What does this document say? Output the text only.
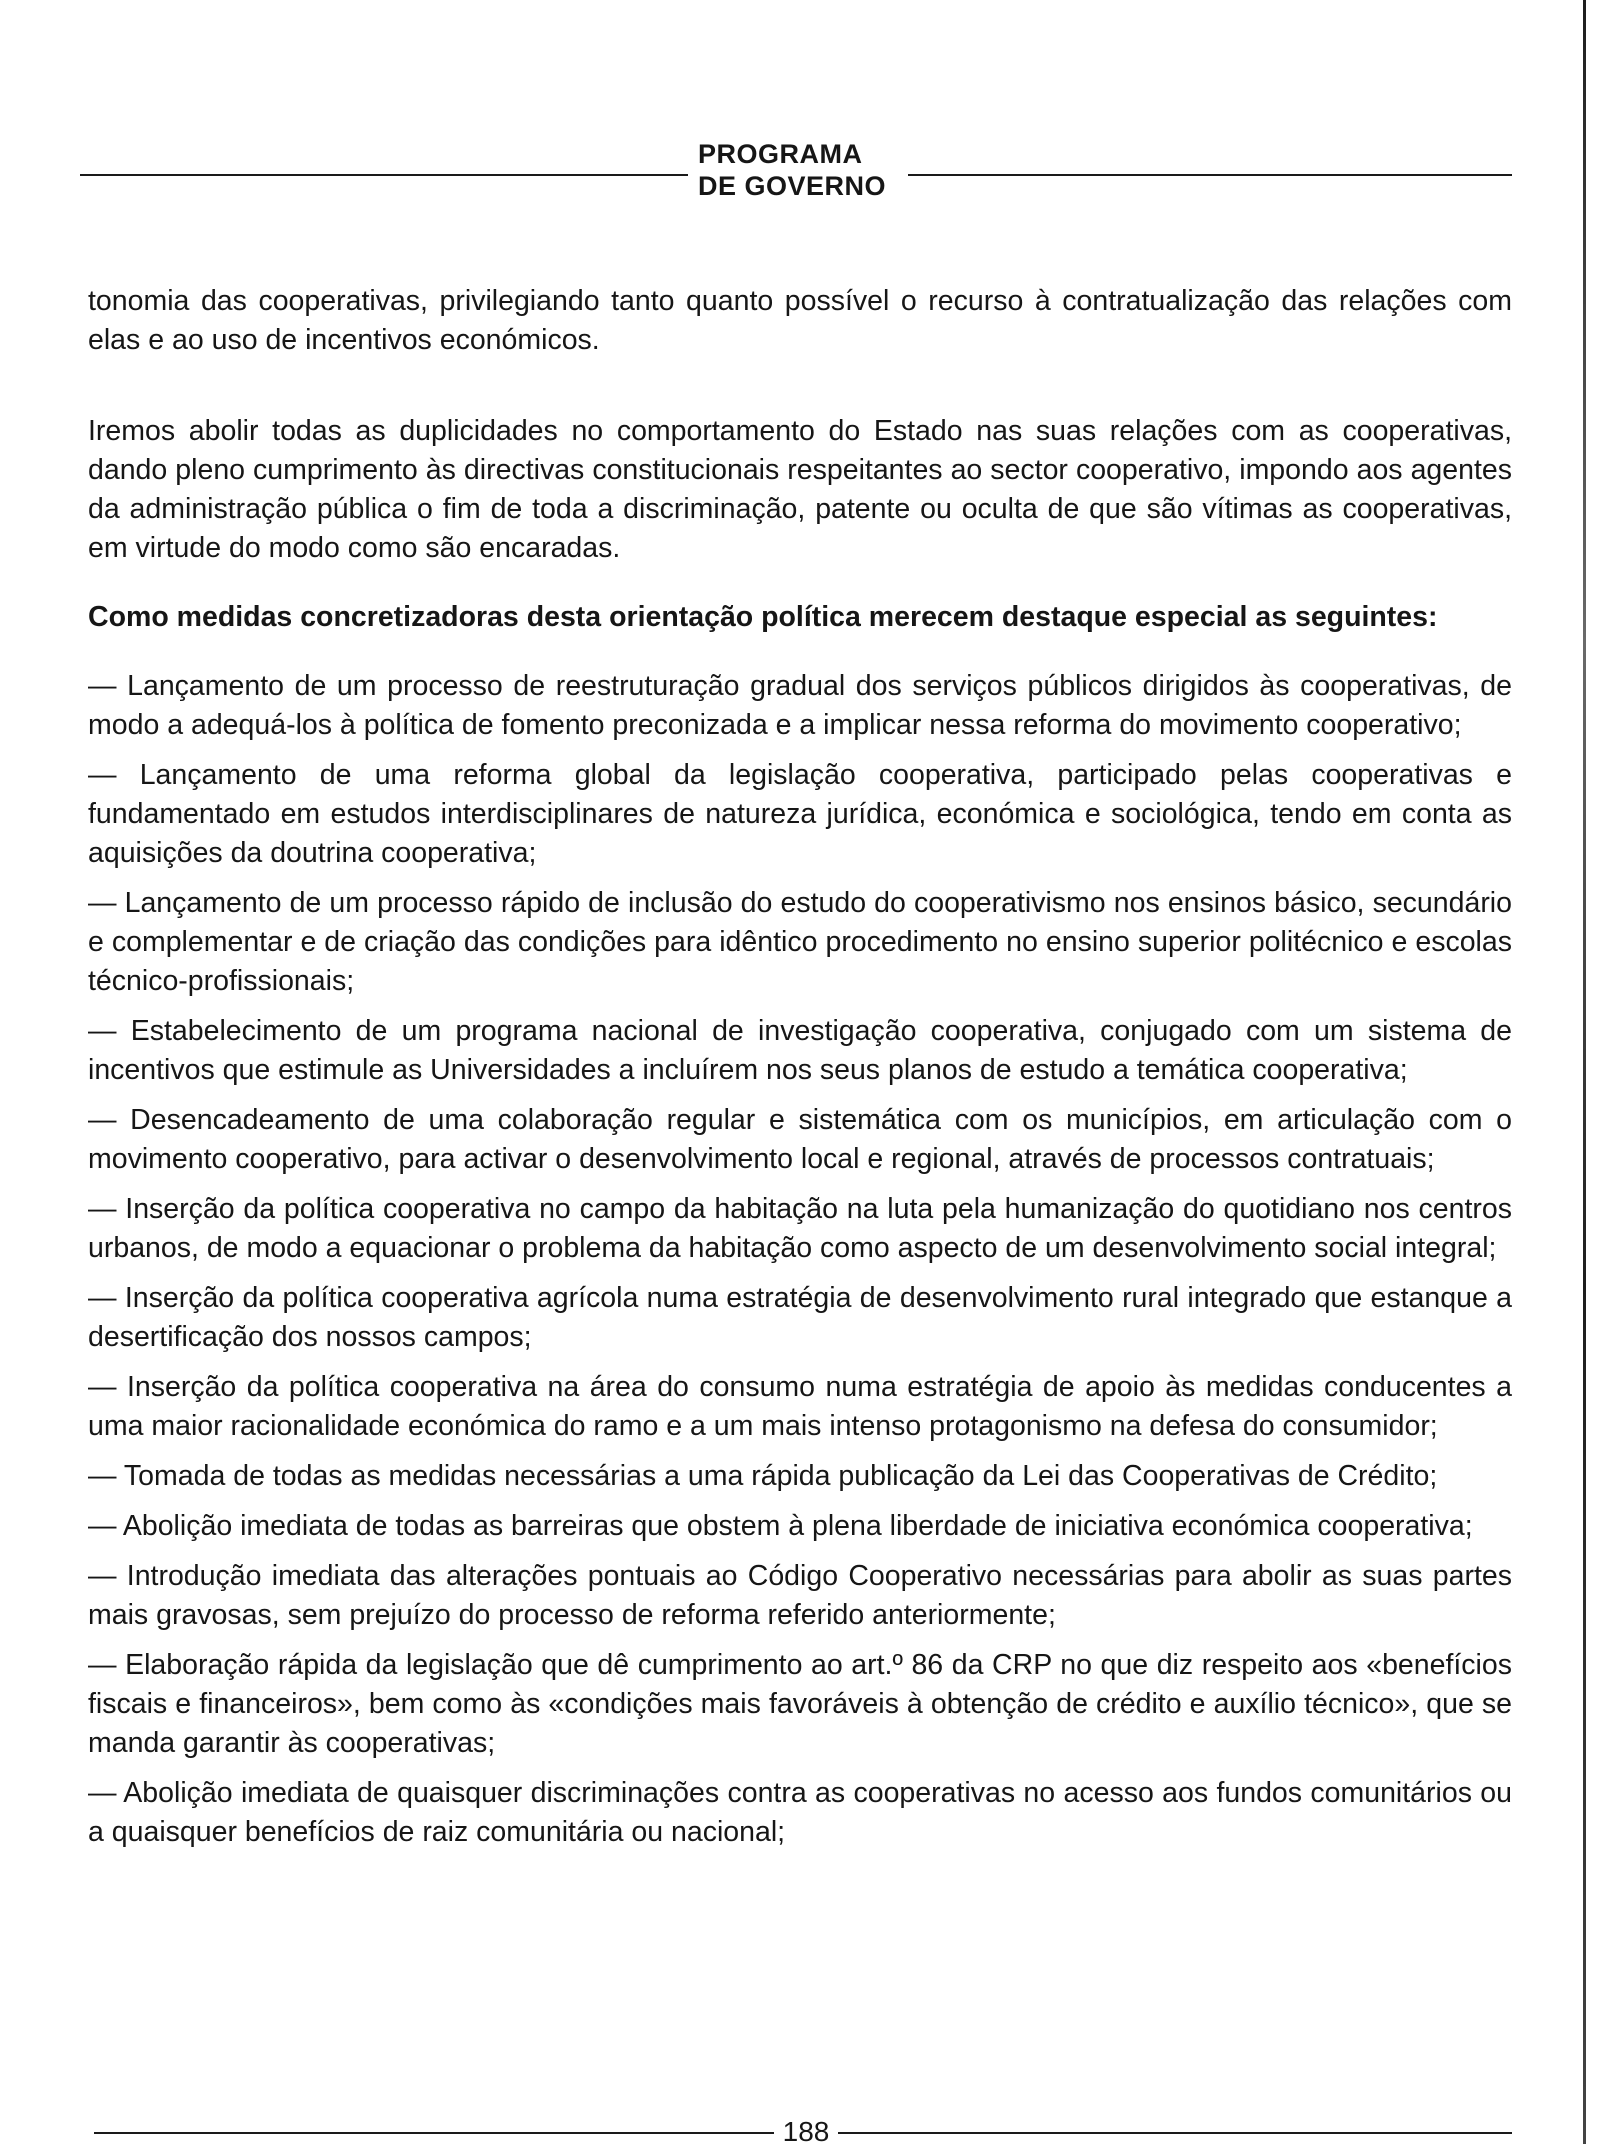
PROGRAMA
DE GOVERNO

tonomia das cooperativas, privilegiando tanto quanto possível o recurso à contratualização das relações com elas e ao uso de incentivos económicos.

Iremos abolir todas as duplicidades no comportamento do Estado nas suas relações com as cooperativas, dando pleno cumprimento às directivas constitucionais respeitantes ao sector cooperativo, impondo aos agentes da administração pública o fim de toda a discriminação, patente ou oculta de que são vítimas as cooperativas, em virtude do modo como são encaradas.

Como medidas concretizadoras desta orientação política merecem destaque especial as seguintes:

— Lançamento de um processo de reestruturação gradual dos serviços públicos dirigidos às cooperativas, de modo a adequá-los à política de fomento preconizada e a implicar nessa reforma do movimento cooperativo;

— Lançamento de uma reforma global da legislação cooperativa, participado pelas cooperativas e fundamentado em estudos interdisciplinares de natureza jurídica, económica e sociológica, tendo em conta as aquisições da doutrina cooperativa;

— Lançamento de um processo rápido de inclusão do estudo do cooperativismo nos ensinos básico, secundário e complementar e de criação das condições para idêntico procedimento no ensino superior politécnico e escolas técnico-profissionais;

— Estabelecimento de um programa nacional de investigação cooperativa, conjugado com um sistema de incentivos que estimule as Universidades a incluírem nos seus planos de estudo a temática cooperativa;

— Desencadeamento de uma colaboração regular e sistemática com os municípios, em articulação com o movimento cooperativo, para activar o desenvolvimento local e regional, através de processos contratuais;

— Inserção da política cooperativa no campo da habitação na luta pela humanização do quotidiano nos centros urbanos, de modo a equacionar o problema da habitação como aspecto de um desenvolvimento social integral;

— Inserção da política cooperativa agrícola numa estratégia de desenvolvimento rural integrado que estanque a desertificação dos nossos campos;

— Inserção da política cooperativa na área do consumo numa estratégia de apoio às medidas conducentes a uma maior racionalidade económica do ramo e a um mais intenso protagonismo na defesa do consumidor;

— Tomada de todas as medidas necessárias a uma rápida publicação da Lei das Cooperativas de Crédito;

— Abolição imediata de todas as barreiras que obstem à plena liberdade de iniciativa económica cooperativa;

— Introdução imediata das alterações pontuais ao Código Cooperativo necessárias para abolir as suas partes mais gravosas, sem prejuízo do processo de reforma referido anteriormente;

— Elaboração rápida da legislação que dê cumprimento ao art.º 86 da CRP no que diz respeito aos «benefícios fiscais e financeiros», bem como às «condições mais favoráveis à obtenção de crédito e auxílio técnico», que se manda garantir às cooperativas;

— Abolição imediata de quaisquer discriminações contra as cooperativas no acesso aos fundos comunitários ou a quaisquer benefícios de raiz comunitária ou nacional;

188
